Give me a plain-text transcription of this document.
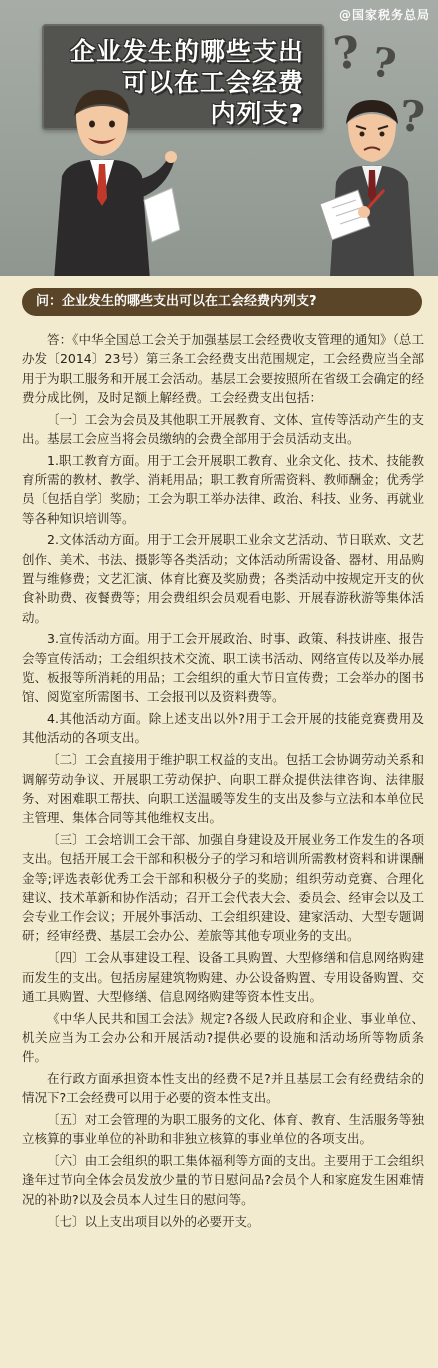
@国家税务总局
企业发生的哪些支出
可以在工会经费
内列支?
? ?
?
问：企业发生的哪些支出可以在工会经费内列支?

答：《中华全国总工会关于加强基层工会经费收支管理的通知》（总工办发〔2014〕23号）第三条工会经费支出范围规定，工会经费应当全部用于为职工服务和开展工会活动。基层工会要按照所在省级工会确定的经费分成比例，及时足额上解经费。工会经费支出包括：

〔一〕工会为会员及其他职工开展教育、文体、宣传等活动产生的支出。基层工会应当将会员缴纳的会费全部用于会员活动支出。

1.职工教育方面。用于工会开展职工教育、业余文化、技术、技能教育所需的教材、教学、消耗用品；职工教育所需资料、教师酬金；优秀学员〔包括自学〕奖励；工会为职工举办法律、政治、科技、业务、再就业等各种知识培训等。

2.文体活动方面。用于工会开展职工业余文艺活动、节日联欢、文艺创作、美术、书法、摄影等各类活动；文体活动所需设备、器材、用品购置与维修费；文艺汇演、体育比赛及奖励费；各类活动中按规定开支的伙食补助费、夜餐费等；用会费组织会员观看电影、开展春游秋游等集体活动。

3.宣传活动方面。用于工会开展政治、时事、政策、科技讲座、报告会等宣传活动；工会组织技术交流、职工读书活动、网络宣传以及举办展览、板报等所消耗的用品；工会组织的重大节日宣传费；工会举办的图书馆、阅览室所需图书、工会报刊以及资料费等。

4.其他活动方面。除上述支出以外?用于工会开展的技能竞赛费用及其他活动的各项支出。

〔二〕工会直接用于维护职工权益的支出。包括工会协调劳动关系和调解劳动争议、开展职工劳动保护、向职工群众提供法律咨询、法律服务、对困难职工帮扶、向职工送温暖等发生的支出及参与立法和本单位民主管理、集体合同等其他维权支出。

〔三〕工会培训工会干部、加强自身建设及开展业务工作发生的各项支出。包括开展工会干部和积极分子的学习和培训所需教材资料和讲课酬金等;评选表彰优秀工会干部和积极分子的奖励；组织劳动竞赛、合理化建议、技术革新和协作活动；召开工会代表大会、委员会、经审会以及工会专业工作会议；开展外事活动、工会组织建设、建家活动、大型专题调研；经审经费、基层工会办公、差旅等其他专项业务的支出。

〔四〕工会从事建设工程、设备工具购置、大型修缮和信息网络购建而发生的支出。包括房屋建筑物购建、办公设备购置、专用设备购置、交通工具购置、大型修缮、信息网络购建等资本性支出。

《中华人民共和国工会法》规定?各级人民政府和企业、事业单位、机关应当为工会办公和开展活动?提供必要的设施和活动场所等物质条件。

在行政方面承担资本性支出的经费不足?并且基层工会有经费结余的情况下?工会经费可以用于必要的资本性支出。

〔五〕对工会管理的为职工服务的文化、体育、教育、生活服务等独立核算的事业单位的补助和非独立核算的事业单位的各项支出。

〔六〕由工会组织的职工集体福利等方面的支出。主要用于工会组织逢年过节向全体会员发放少量的节日慰问品?会员个人和家庭发生困难情况的补助?以及会员本人过生日的慰问等。

〔七〕以上支出项目以外的必要开支。
